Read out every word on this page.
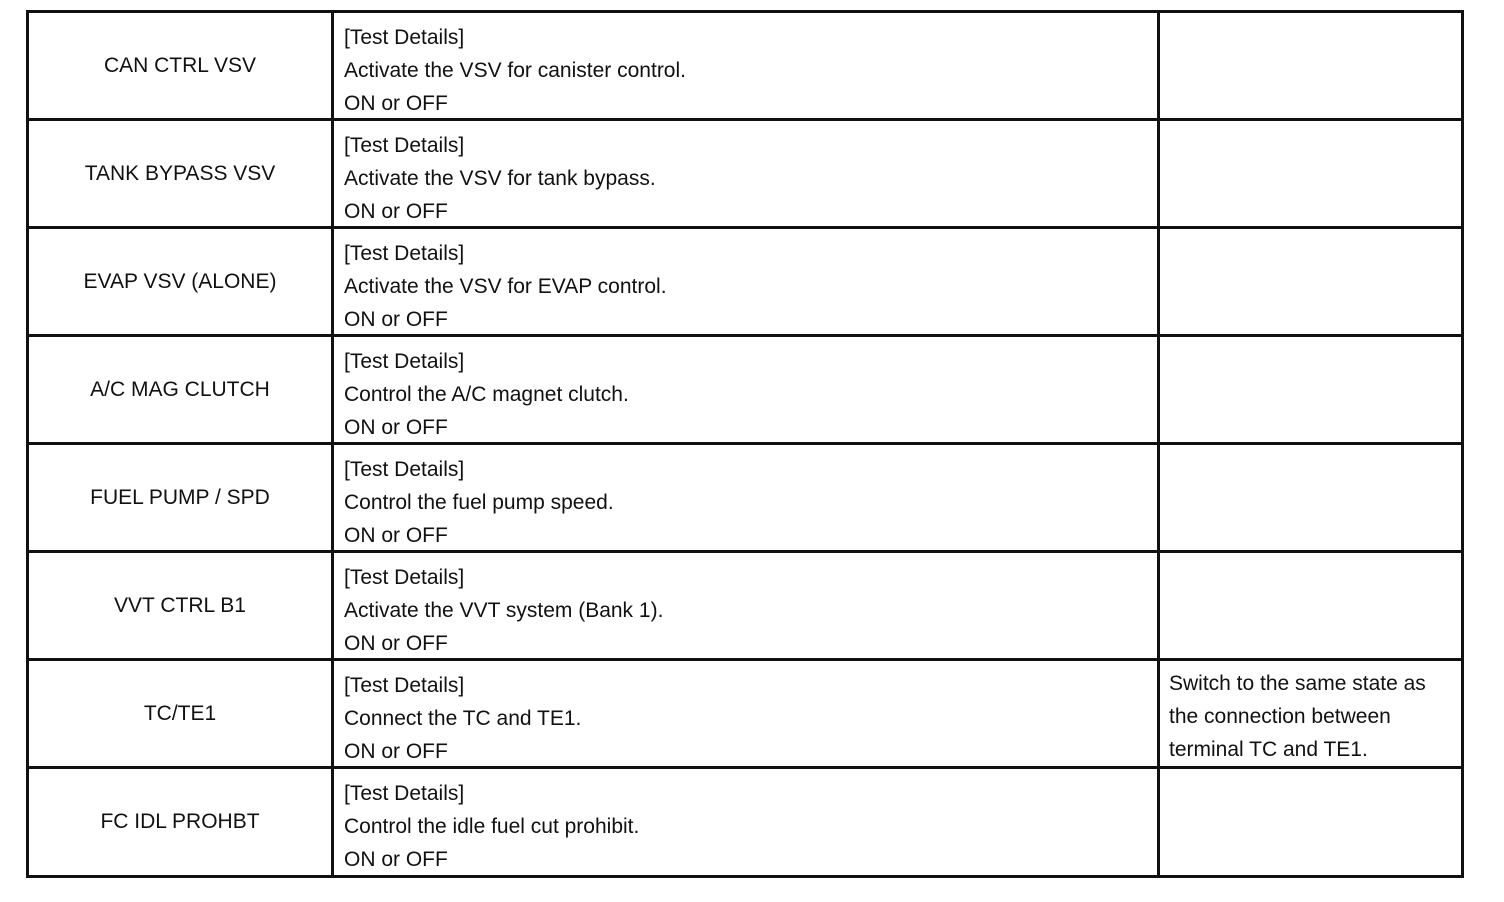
CAN CTRL VSV
[Test Details]
Activate the VSV for canister control.
ON or OFF
TANK BYPASS VSV
[Test Details]
Activate the VSV for tank bypass.
ON or OFF
EVAP VSV (ALONE)
[Test Details]
Activate the VSV for EVAP control.
ON or OFF
A/C MAG CLUTCH
[Test Details]
Control the A/C magnet clutch.
ON or OFF
FUEL PUMP / SPD
[Test Details]
Control the fuel pump speed.
ON or OFF
VVT CTRL B1
[Test Details]
Activate the VVT system (Bank 1).
ON or OFF
TC/TE1
[Test Details]
Connect the TC and TE1.
ON or OFF
Switch to the same state as
the connection between
terminal TC and TE1.
FC IDL PROHBT
[Test Details]
Control the idle fuel cut prohibit.
ON or OFF
